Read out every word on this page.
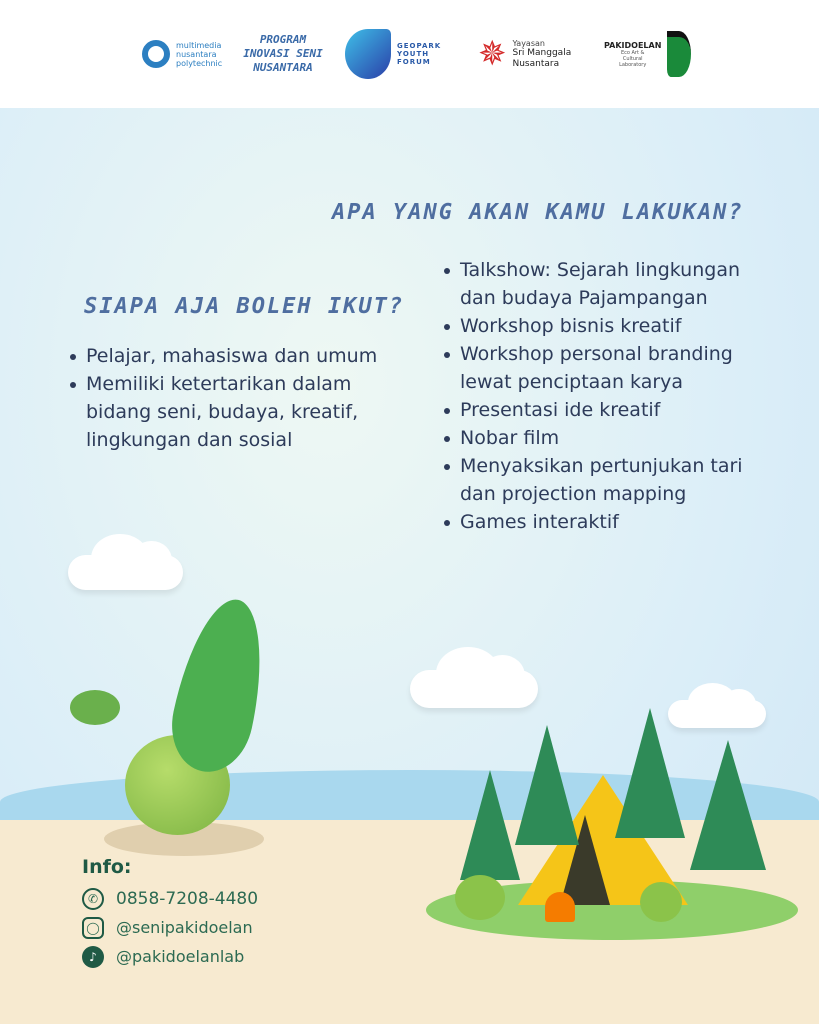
multimedia nusantara polytechnic
PROGRAM INOVASI SENI NUSANTARA
GEOPARK YOUTH FORUM	✵ Yayasan
Sri Manggala Nusantara
PAKIDOELAN
Eco Art & Cultural Laboratory
APA YANG AKAN KAMU LAKUKAN?
Talkshow: Sejarah lingkungan dan budaya Pajampangan
Workshop bisnis kreatif
Workshop personal branding lewat penciptaan karya
Presentasi ide kreatif
Nobar film
Menyaksikan pertunjukan tari dan projection mapping
Games interaktif
SIAPA AJA BOLEH IKUT?
Pelajar, mahasiswa dan umum
Memiliki ketertarikan dalam bidang seni, budaya, kreatif, lingkungan dan sosial
Info:
✆	0858-7208-4480
◯ @senipakidoelan
♪	@pakidoelanlab
